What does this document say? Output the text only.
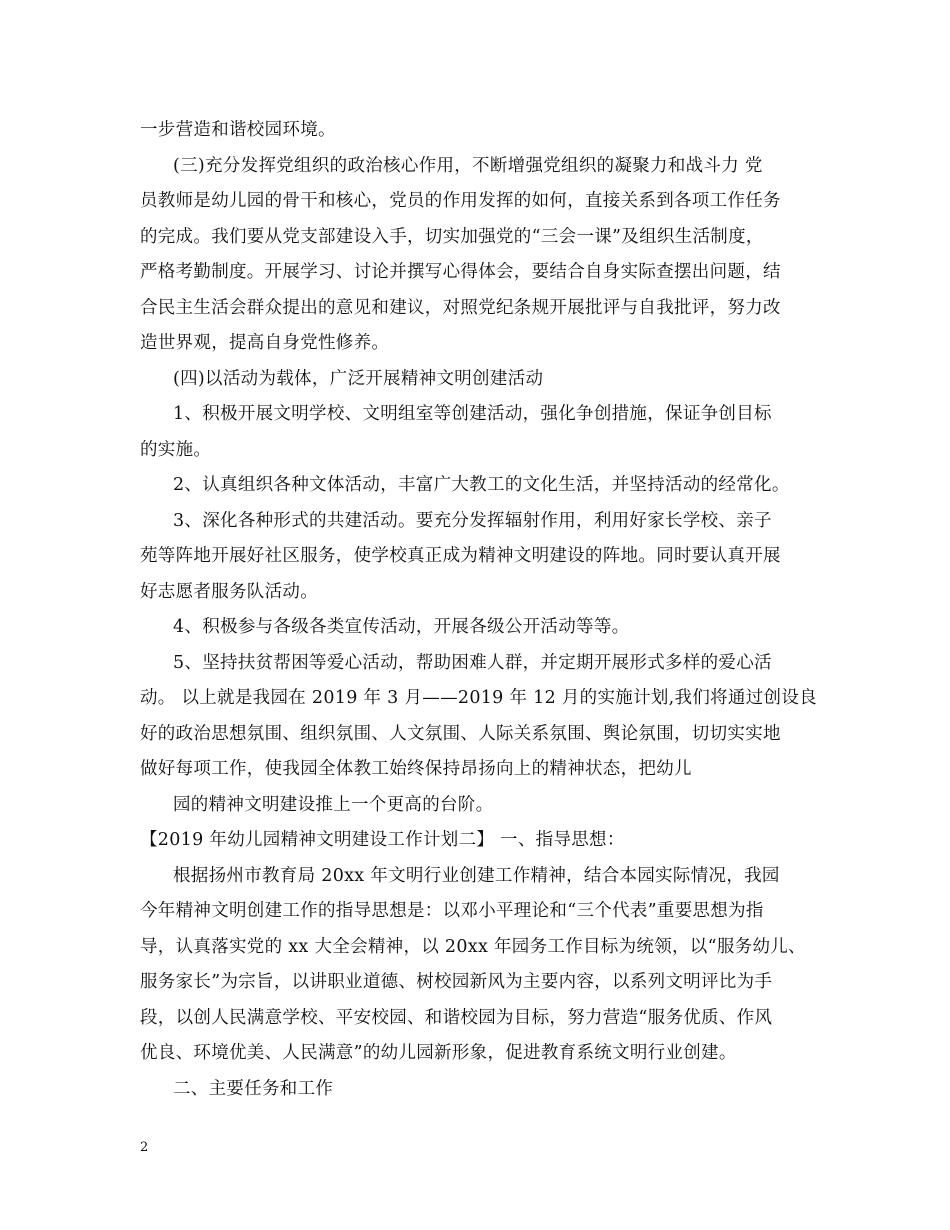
一步营造和谐校园环境。
(三)充分发挥党组织的政治核心作用，不断增强党组织的凝聚力和战斗力 党
员教师是幼儿园的骨干和核心，党员的作用发挥的如何，直接关系到各项工作任务
的完成。我们要从党支部建设入手，切实加强党的“三会一课”及组织生活制度，
严格考勤制度。开展学习、讨论并撰写心得体会，要结合自身实际查摆出问题，结
合民主生活会群众提出的意见和建议，对照党纪条规开展批评与自我批评，努力改
造世界观，提高自身党性修养。
(四)以活动为载体，广泛开展精神文明创建活动
1、积极开展文明学校、文明组室等创建活动，强化争创措施，保证争创目标
的实施。
2、认真组织各种文体活动，丰富广大教工的文化生活，并坚持活动的经常化。
3、深化各种形式的共建活动。要充分发挥辐射作用，利用好家长学校、亲子
苑等阵地开展好社区服务，使学校真正成为精神文明建设的阵地。同时要认真开展
好志愿者服务队活动。
4、积极参与各级各类宣传活动，开展各级公开活动等等。
5、坚持扶贫帮困等爱心活动，帮助困难人群，并定期开展形式多样的爱心活
动。 以上就是我园在 2019 年 3 月——2019 年 12 月的实施计划,我们将通过创设良
好的政治思想氛围、组织氛围、人文氛围、人际关系氛围、舆论氛围，切切实实地
做好每项工作，使我园全体教工始终保持昂扬向上的精神状态，把幼儿
园的精神文明建设推上一个更高的台阶。
【2019 年幼儿园精神文明建设工作计划二】 一、指导思想：
根据扬州市教育局 20xx 年文明行业创建工作精神，结合本园实际情况，我园
今年精神文明创建工作的指导思想是：以邓小平理论和“三个代表”重要思想为指
导，认真落实党的 xx 大全会精神，以 20xx 年园务工作目标为统领，以“服务幼儿、
服务家长”为宗旨，以讲职业道德、树校园新风为主要内容，以系列文明评比为手
段，以创人民满意学校、平安校园、和谐校园为目标，努力营造“服务优质、作风
优良、环境优美、人民满意”的幼儿园新形象，促进教育系统文明行业创建。
二、主要任务和工作
2
